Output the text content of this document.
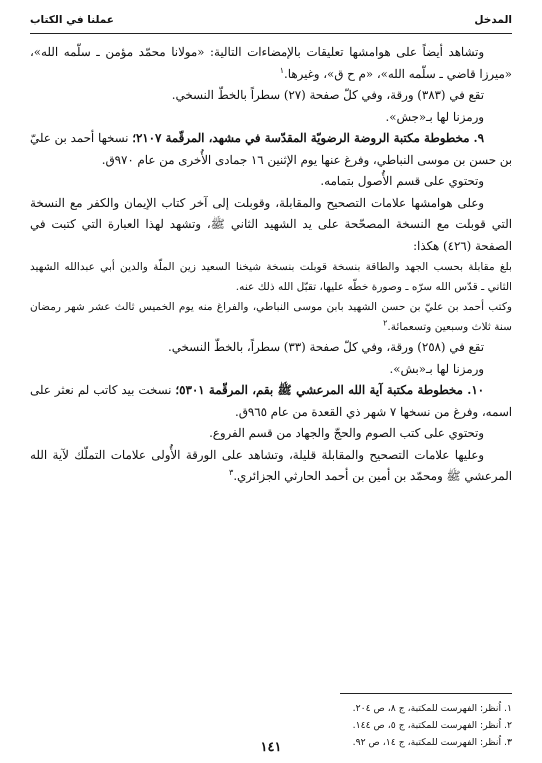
المدخل
عملنا في الكتاب

وتشاهد أيضاً على هوامشها تعليقات بالإمضاءات التالية: «مولانا محمّد مؤمن ـ سلّمه الله»، «ميرزا قاضي ـ سلّمه الله»، «م ح ق»، وغيرها.$^١$

تقع في (٣٨٣) ورقة، وفي كلّ صفحة (٢٧) سطراً بالخطّ النسخي.

ورمزنا لها بـ«جش».

٩. مخطوطة مكتبة الروضة الرضويّة المقدّسة في مشهد، المرقّمة ٢١٠٧؛ نسخها أحمد بن عليّ بن حسن بن موسى النباطي، وفرغ عنها يوم الإثنين ١٦ جمادى الأُخرى من عام ٩٧٠ق.

وتحتوي على قسم الأُصول بتمامه.

وعلى هوامشها علامات التصحيح والمقابلة، وقوبلت إلى آخر كتاب الإيمان والكفر مع النسخة التي قوبلت مع النسخة المصحّحة على يد الشهيد الثاني ﷺ، وتشهد لهذا العبارة التي كتبت في الصفحة (٤٢٦) هكذا:

بلغ مقابلة بحسب الجهد والطاقة بنسخة قوبلت بنسخة شيخنا السعيد زين الملّة والدين أبي عبدالله الشهيد الثاني ـ قدّس الله سرّه ـ وصورة خطّه عليها، تقبّل الله ذلك عنه.

وكتب أحمد بن عليّ بن حسن الشهيد بابن موسى النباطي، والفراغ منه يوم الخميس ثالث عشر شهر رمضان سنة ثلاث وسبعين وتسعمائة.$^٢$

تقع في (٢٥٨) ورقة، وفي كلّ صفحة (٣٣) سطراً، بالخطّ النسخي.

ورمزنا لها بـ«بش».

١٠. مخطوطة مكتبة آية الله المرعشي ﷺ بقم، المرقّمة ٥٣٠١؛ نسخت بيد كاتب لم نعثر على اسمه، وفرغ من نسخها ٧ شهر ذي القعدة من عام ٩٦٥ق.

وتحتوي على كتب الصوم والحجّ والجهاد من قسم الفروع.

وعليها علامات التصحيح والمقابلة قليلة، وتشاهد على الورقة الأُولى علامات التملّك لآية الله المرعشي ﷺ ومحمّد بن أمين بن أحمد الحارثي الجزائري.$^٣$

١. اُنظر: الفهرست للمكتبة، ج ٨، ص ٢٠٤.
٢. اُنظر: الفهرست للمكتبة، ج ٥، ص ١٤٤.
٣. اُنظر: الفهرست للمكتبة، ج ١٤، ص ٩٢.
١٤١
